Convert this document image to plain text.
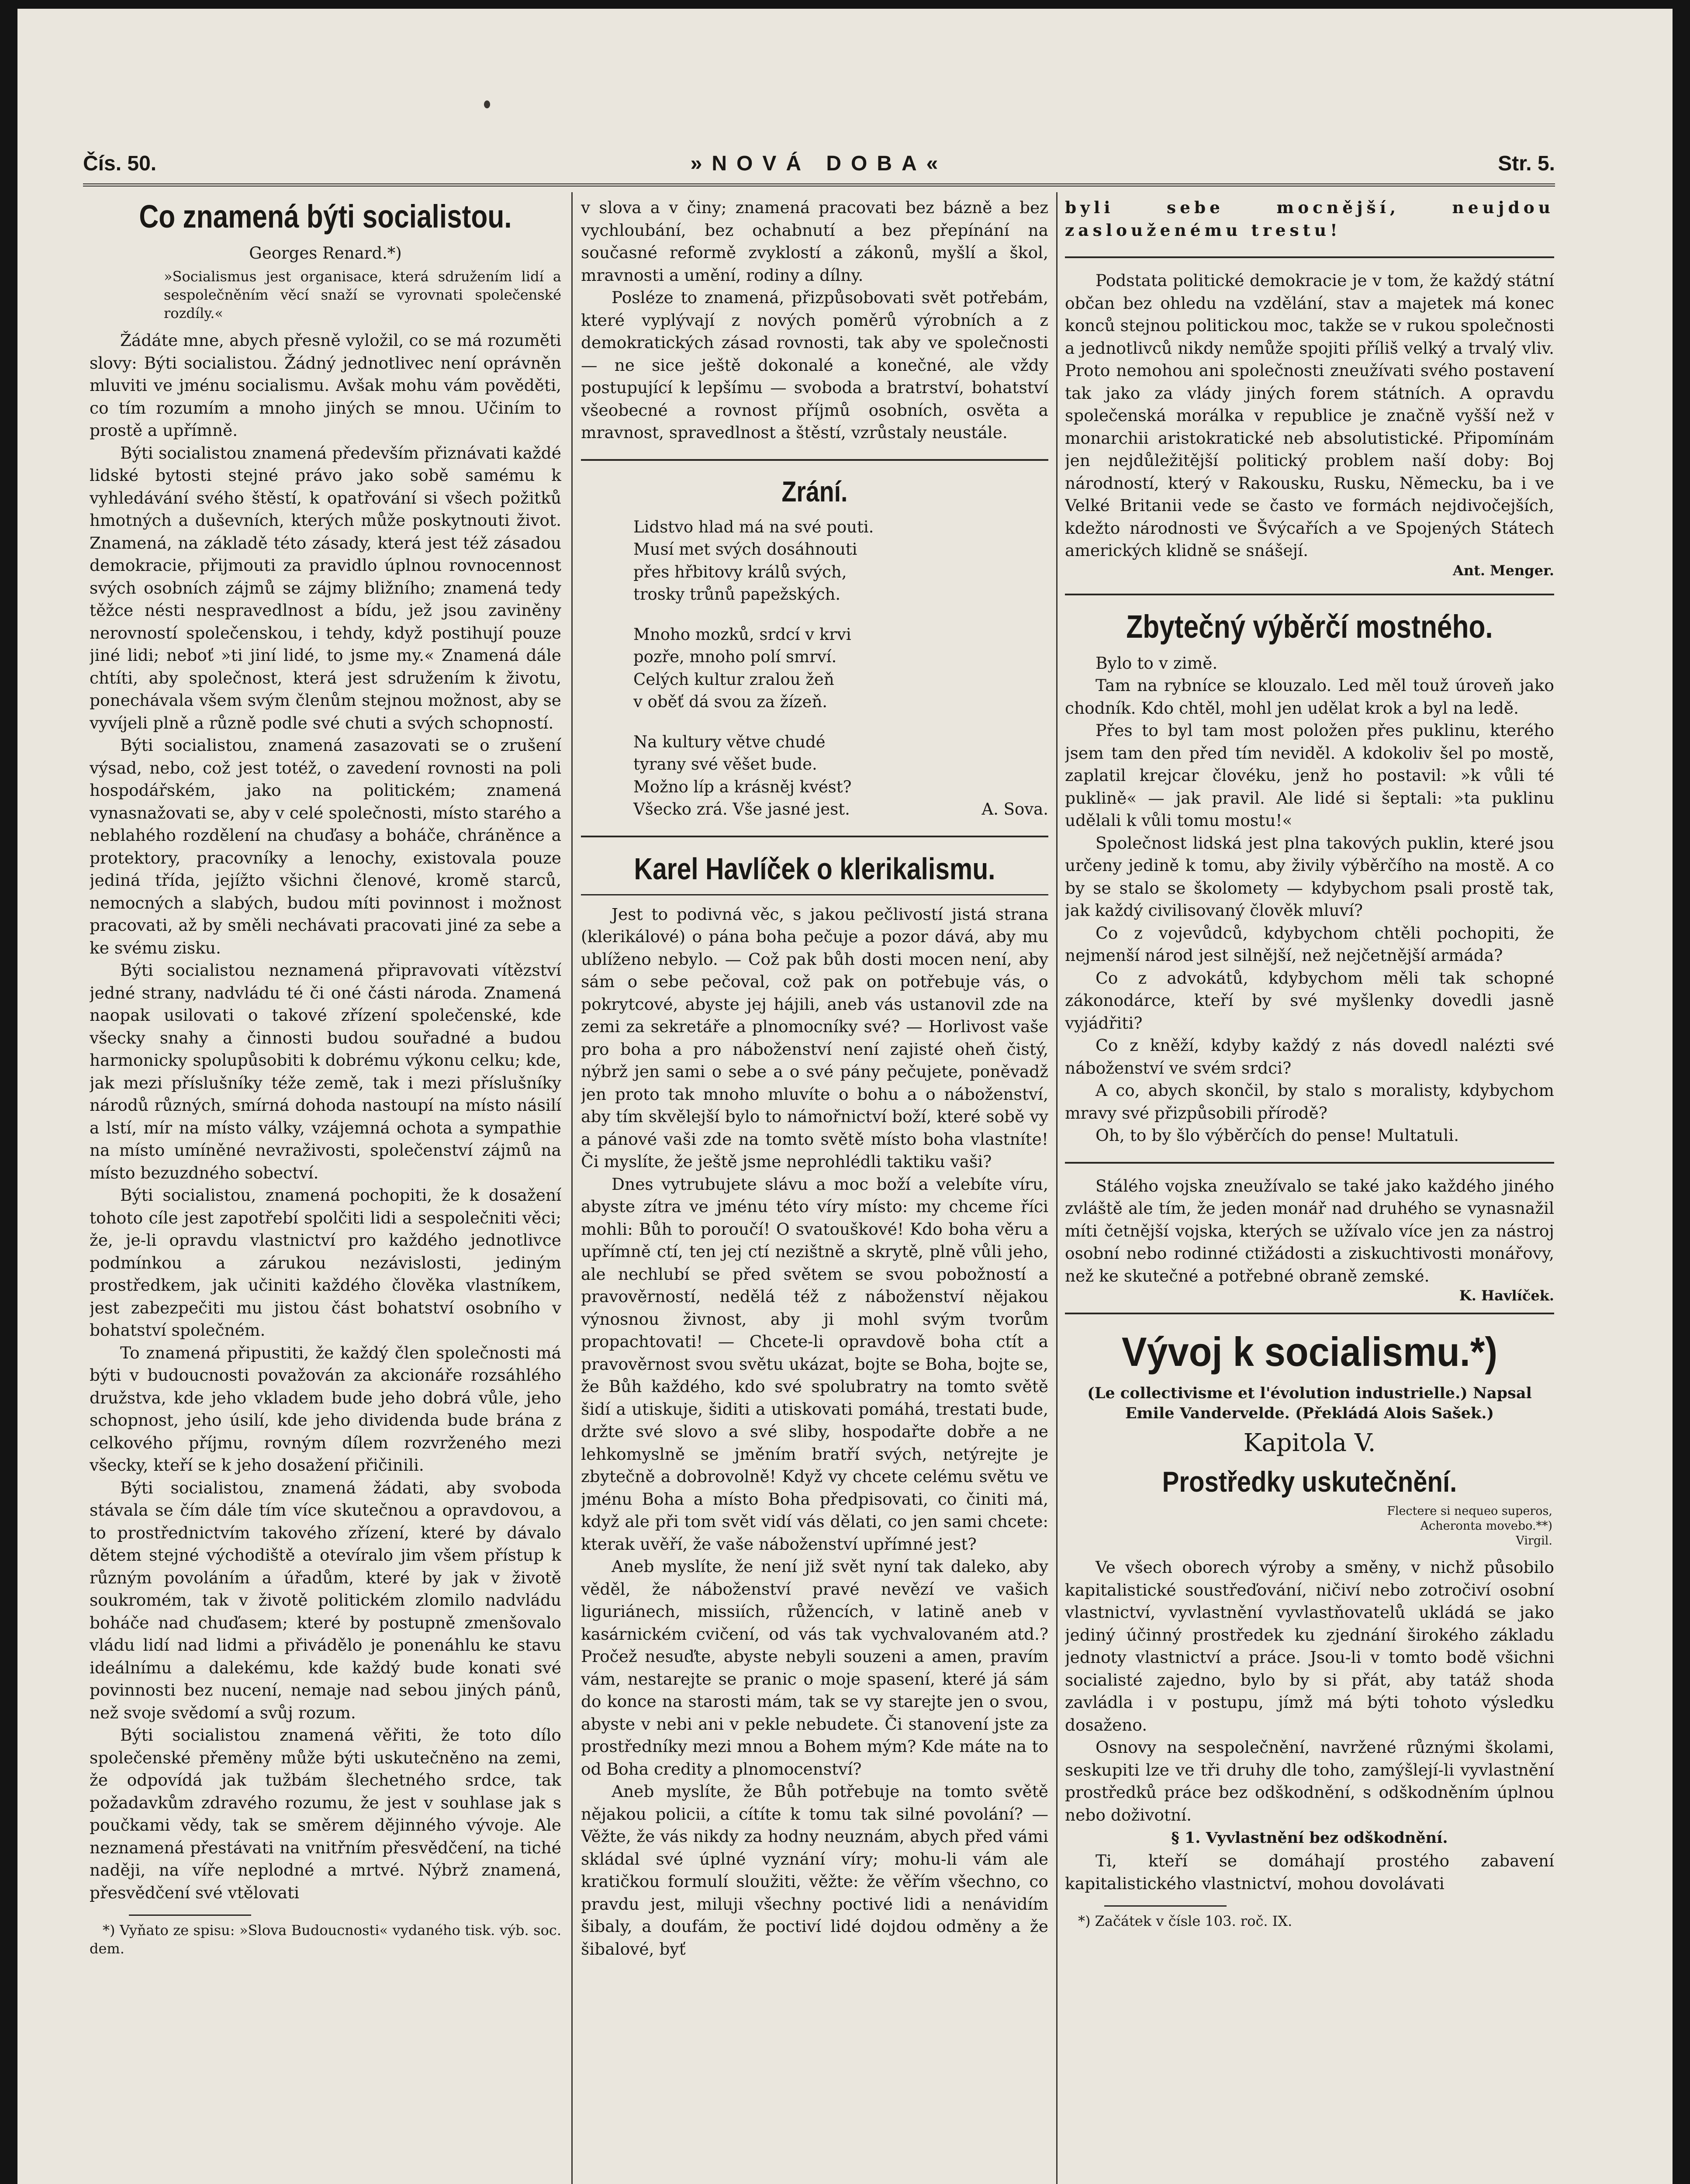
Čís. 50.	»NOVÁ DOBA«	Str. 5.
Co znamená býti socialistou.
Georges Renard.*)
»Socialismus jest organisace, která sdružením lidí a sespolečněním věcí snaží se vyrovnati společenské rozdíly.«

Žádáte mne, abych přesně vyložil, co se má rozuměti slovy: Býti socialistou. Žádný jednotlivec není oprávněn mluviti ve jménu socialismu. Avšak mohu vám pověděti, co tím rozumím a mnoho jiných se mnou. Učiním to prostě a upřímně.

Býti socialistou znamená především přiznávati každé lidské bytosti stejné právo jako sobě samému k vyhledávání svého štěstí, k opatřování si všech požitků hmotných a duševních, kterých může poskytnouti život. Znamená, na základě této zásady, která jest též zásadou demokracie, přijmouti za pravidlo úplnou rovnocennost svých osobních zájmů se zájmy bližního; znamená tedy těžce nésti nespravedlnost a bídu, jež jsou zaviněny nerovností společenskou, i tehdy, když postihují pouze jiné lidi; neboť »ti jiní lidé, to jsme my.« Znamená dále chtíti, aby společnost, která jest sdružením k životu, ponechávala všem svým členům stejnou možnost, aby se vyvíjeli plně a různě podle své chuti a svých schopností.

Býti socialistou, znamená zasazovati se o zrušení výsad, nebo, což jest totéž, o zavedení rovnosti na poli hospodářském, jako na politickém; znamená vynasnažovati se, aby v celé společnosti, místo starého a neblahého rozdělení na chuďasy a boháče, chráněnce a protektory, pracovníky a lenochy, existovala pouze jediná třída, jejížto všichni členové, kromě starců, nemocných a slabých, budou míti povinnost i možnost pracovati, až by směli nechávati pracovati jiné za sebe a ke svému zisku.

Býti socialistou neznamená připravovati vítězství jedné strany, nadvládu té či oné části národa. Znamená naopak usilovati o takové zřízení společenské, kde všecky snahy a činnosti budou souřadné a budou harmonicky spolupůsobiti k dobrému výkonu celku; kde, jak mezi příslušníky téže země, tak i mezi příslušníky národů různých, smírná dohoda nastoupí na místo násilí a lstí, mír na místo války, vzájemná ochota a sympathie na místo umíněné nevraživosti, společenství zájmů na místo bezuzdného sobectví.

Býti socialistou, znamená pochopiti, že k dosažení tohoto cíle jest zapotřebí spolčiti lidi a sespolečniti věci; že, je-li opravdu vlastnictví pro každého jednotlivce podmínkou a zárukou nezávislosti, jediným prostředkem, jak učiniti každého člověka vlastníkem, jest zabezpečiti mu jistou část bohatství osobního v bohatství společném.

To znamená připustiti, že každý člen společnosti má býti v budoucnosti považován za akcionáře rozsáhlého družstva, kde jeho vkladem bude jeho dobrá vůle, jeho schopnost, jeho úsilí, kde jeho dividenda bude brána z celkového příjmu, rovným dílem rozvrženého mezi všecky, kteří se k jeho dosažení přičinili.

Býti socialistou, znamená žádati, aby svoboda stávala se čím dále tím více skutečnou a opravdovou, a to prostřednictvím takového zřízení, které by dávalo dětem stejné východiště a otevíralo jim všem přístup k různým povoláním a úřadům, které by jak v životě soukromém, tak v životě politickém zlomilo nadvládu boháče nad chuďasem; které by postupně zmenšovalo vládu lidí nad lidmi a přivádělo je ponenáhlu ke stavu ideálnímu a dalekému, kde každý bude konati své povinnosti bez nucení, nemaje nad sebou jiných pánů, než svoje svědomí a svůj rozum.

Býti socialistou znamená věřiti, že toto dílo společenské přeměny může býti uskutečněno na zemi, že odpovídá jak tužbám šlechetného srdce, tak požadavkům zdravého rozumu, že jest v souhlase jak s poučkami vědy, tak se směrem dějinného vývoje. Ale neznamená přestávati na vnitřním přesvědčení, na tiché naději, na víře neplodné a mrtvé. Nýbrž znamená, přesvědčení své vtělovati

*) Vyňato ze spisu: »Slova Budoucnosti« vydaného tisk. výb. soc. dem.

v slova a v činy; znamená pracovati bez bázně a bez vychloubání, bez ochabnutí a bez přepínání na současné reformě zvyklostí a zákonů, myšlí a škol, mravnosti a umění, rodiny a dílny.

Posléze to znamená, přizpůsobovati svět potřebám, které vyplývají z nových poměrů výrobních a z demokratických zásad rovnosti, tak aby ve společnosti — ne sice ještě dokonalé a konečné, ale vždy postupující k lepšímu — svoboda a bratrství, bohatství všeobecné a rovnost příjmů osobních, osvěta a mravnost, spravedlnost a štěstí, vzrůstaly neustále.

Zrání.
Lidstvo hlad má na své pouti.
Musí met svých dosáhnouti
přes hřbitovy králů svých,
trosky trůnů papežských.
Mnoho mozků, srdcí v krvi
pozře, mnoho polí smrví.
Celých kultur zralou žeň
v oběť dá svou za žízeň.
Na kultury větve chudé
tyrany své věšet bude.
Možno líp a krásněj kvést?
Všecko zrá. Vše jasné jest.	A. Sova.
Karel Havlíček o klerikalismu.

Jest to podivná věc, s jakou pečlivostí jistá strana (klerikálové) o pána boha pečuje a pozor dává, aby mu ublíženo nebylo. — Což pak bůh dosti mocen není, aby sám o sebe pečoval, což pak on potřebuje vás, o pokrytcové, abyste jej hájili, aneb vás ustanovil zde na zemi za sekretáře a plnomocníky své? — Horlivost vaše pro boha a pro náboženství není zajisté oheň čistý, nýbrž jen sami o sebe a o své pány pečujete, poněvadž jen proto tak mnoho mluvíte o bohu a o náboženství, aby tím skvělejší bylo to námořnictví boží, které sobě vy a pánové vaši zde na tomto světě místo boha vlastníte! Či myslíte, že ještě jsme neprohlédli taktiku vaši?

Dnes vytrubujete slávu a moc boží a velebíte víru, abyste zítra ve jménu této víry místo: my chceme říci mohli: Bůh to poroučí! O svatouškové! Kdo boha věru a upřímně ctí, ten jej ctí nezištně a skrytě, plně vůli jeho, ale nechlubí se před světem se svou pobožností a pravověrností, nedělá též z náboženství nějakou výnosnou živnost, aby ji mohl svým tvorům propachtovati! — Chcete-li opravdově boha ctít a pravověrnost svou světu ukázat, bojte se Boha, bojte se, že Bůh každého, kdo své spolubratry na tomto světě šidí a utiskuje, šiditi a utiskovati pomáhá, trestati bude, držte své slovo a své sliby, hospodařte dobře a ne lehkomyslně se jměním bratří svých, netýrejte je zbytečně a dobrovolně! Když vy chcete celému světu ve jménu Boha a místo Boha předpisovati, co činiti má, když ale při tom svět vidí vás dělati, co jen sami chcete: kterak uvěří, že vaše náboženství upřímné jest?

Aneb myslíte, že není již svět nyní tak daleko, aby věděl, že náboženství pravé nevězí ve vašich liguriánech, missiích, růžencích, v latině aneb v kasárnickém cvičení, od vás tak vychvalovaném atd.? Pročež nesuďte, abyste nebyli souzeni a amen, pravím vám, nestarejte se pranic o moje spasení, které já sám do konce na starosti mám, tak se vy starejte jen o svou, abyste v nebi ani v pekle nebudete. Či stanovení jste za prostředníky mezi mnou a Bohem mým? Kde máte na to od Boha credity a plnomocenství?

Aneb myslíte, že Bůh potřebuje na tomto světě nějakou policii, a cítíte k tomu tak silné povolání? — Věžte, že vás nikdy za hodny neuznám, abych před vámi skládal své úplné vyznání víry; mohu-li vám ale kratičkou formulí sloužiti, věžte: že věřím všechno, co pravdu jest, miluji všechny poctivé lidi a nenávidím šibaly, a doufám, že poctiví lidé dojdou odměny a že šibalové, byť

byli sebe mocnější, neujdou zaslouženému trestu!

Podstata politické demokracie je v tom, že každý státní občan bez ohledu na vzdělání, stav a majetek má konec konců stejnou politickou moc, takže se v rukou společnosti a jednotlivců nikdy nemůže spojiti příliš velký a trvalý vliv. Proto nemohou ani společnosti zneužívati svého postavení tak jako za vlády jiných forem státních. A opravdu společenská morálka v republice je značně vyšší než v monarchii aristokratické neb absolutistické. Připomínám jen nejdůležitější politický problem naší doby: Boj národností, který v Rakousku, Rusku, Německu, ba i ve Velké Britanii vede se často ve formách nejdivočejších, kdežto národnosti ve Švýcařích a ve Spojených Státech amerických klidně se snášejí.

Ant. Menger.
Zbytečný výběrčí mostného.

Bylo to v zimě.

Tam na rybníce se klouzalo. Led měl touž úroveň jako chodník. Kdo chtěl, mohl jen udělat krok a byl na ledě.

Přes to byl tam most položen přes puklinu, kterého jsem tam den před tím neviděl. A kdokoliv šel po mostě, zaplatil krejcar človéku, jenž ho postavil: »k vůli té puklině« — jak pravil. Ale lidé si šeptali: »ta puklinu udělali k vůli tomu mostu!«

Společnost lidská jest plna takových puklin, které jsou určeny jedině k tomu, aby živily výběrčího na mostě. A co by se stalo se školomety — kdybychom psali prostě tak, jak každý civilisovaný člověk mluví?

Co z vojevůdců, kdybychom chtěli pochopiti, že nejmenší národ jest silnější, než nejčetnější armáda?

Co z advokátů, kdybychom měli tak schopné zákonodárce, kteří by své myšlenky dovedli jasně vyjádřiti?

Co z kněží, kdyby každý z nás dovedl nalézti své náboženství ve svém srdci?

A co, abych skončil, by stalo s moralisty, kdybychom mravy své přizpůsobili přírodě?

Oh, to by šlo výběrčích do pense! Multatuli.

Stálého vojska zneužívalo se také jako každého jiného zvláště ale tím, že jeden monář nad druhého se vynasnažil míti četnější vojska, kterých se užívalo více jen za nástroj osobní nebo rodinné ctižádosti a ziskuchtivosti monářovy, než ke skutečné a potřebné obraně zemské.

K. Havlíček.
Vývoj k socialismu.*)
(Le collectivisme et l'évolution industrielle.) Napsal Emile Vandervelde. (Překládá Alois Sašek.)
Kapitola V.
Prostředky uskutečnění.
Flectere si nequeo superos,
Acheronta movebo.**)
Virgil.

Ve všech oborech výroby a směny, v nichž působilo kapitalistické soustřeďování, ničiví nebo zotročiví osobní vlastnictví, vyvlastnění vyvlastňovatelů ukládá se jako jediný účinný prostředek ku zjednání širokého základu jednoty vlastnictví a práce. Jsou-li v tomto bodě všichni socialisté zajedno, bylo by si přát, aby tatáž shoda zavládla i v postupu, jímž má býti tohoto výsledku dosaženo.

Osnovy na sespolečnění, navržené různými školami, seskupiti lze ve tři druhy dle toho, zamýšlejí-li vyvlastnění prostředků práce bez odškodnění, s odškodněním úplnou nebo doživotní.

§ 1. Vyvlastnění bez odškodnění.

Ti, kteří se domáhají prostého zabavení kapitalistického vlastnictví, mohou dovolávati

*) Začátek v čísle 103. roč. IX.
